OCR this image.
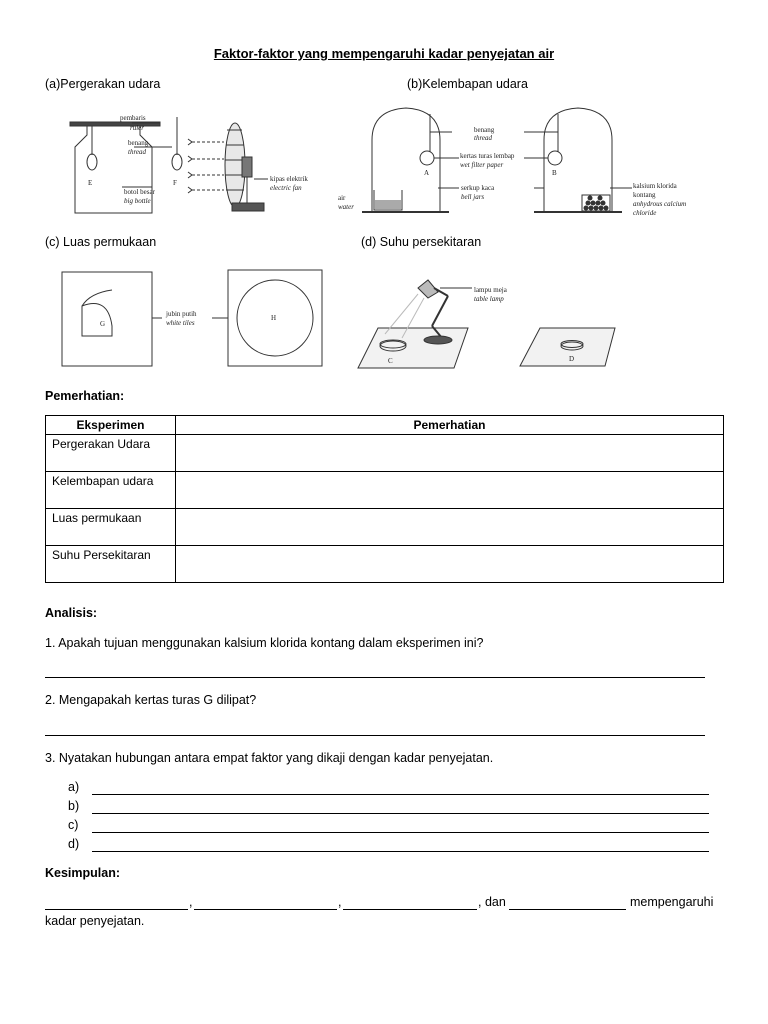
Faktor-faktor yang mempengaruhi kadar penyejatan air
(a)Pergerakan udara	(b)Kelembapan udara
pembaris
ruler
benang
thread
E	F
botol besar
big bottle
kipas elektrik
electric fan
benang
thread
kertas turas lembap
wet filter paper
serkup kaca
bell jars
A	B
air
water
kalsium klorida
kontang
anhydrous calcium
chloride
(c) Luas permukaan	(d) Suhu persekitaran
G
H
jubin putih
white tiles
lampu meja
table lamp
C	D
Pemerhatian:
Eksperimen	Pemerhatian
Pergerakan Udara	
Kelembapan udara	
Luas permukaan	
Suhu Persekitaran	
Analisis:
1. Apakah tujuan menggunakan kalsium klorida kontang dalam eksperimen ini?
2. Mengapakah kertas turas G dilipat?
3. Nyatakan hubungan antara empat faktor yang dikaji dengan kadar penyejatan.
a)
b)
c)
d)
Kesimpulan:
,	,	, dan	mempengaruhi
kadar penyejatan.
